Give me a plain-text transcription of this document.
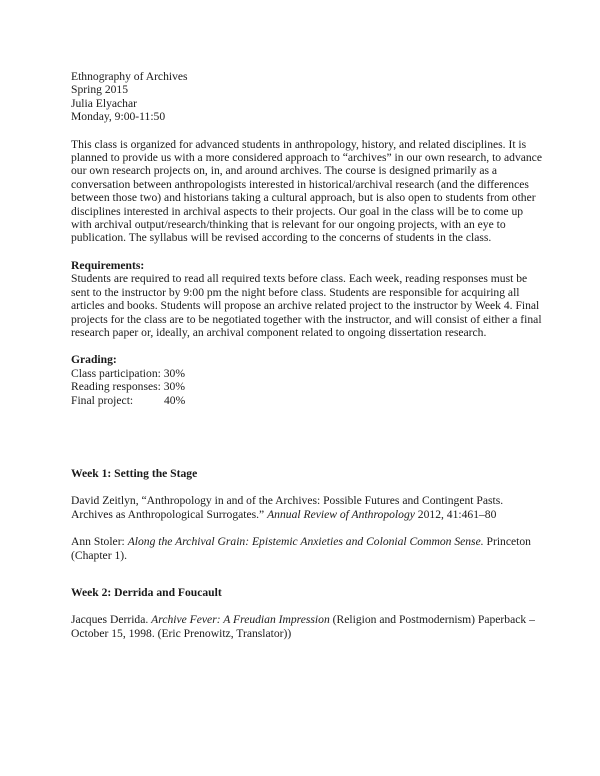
Ethnography of Archives
Spring 2015
Julia Elyachar
Monday, 9:00-11:50
This class is organized for advanced students in anthropology, history, and related disciplines. It is planned to provide us with a more considered approach to “archives” in our own research, to advance our own research projects on, in, and around archives. The course is designed primarily as a conversation between anthropologists interested in historical/archival research (and the differences between those two) and historians taking a cultural approach, but is also open to students from other disciplines interested in archival aspects to their projects. Our goal in the class will be to come up with archival output/research/thinking that is relevant for our ongoing projects, with an eye to publication. The syllabus will be revised according to the concerns of students in the class.
Requirements:
Students are required to read all required texts before class. Each week, reading responses must be sent to the instructor by 9:00 pm the night before class. Students are responsible for acquiring all articles and books. Students will propose an archive related project to the instructor by Week 4. Final projects for the class are to be negotiated together with the instructor, and will consist of either a final research paper or, ideally, an archival component related to ongoing dissertation research.
Grading:
Class participation:
30%
Reading responses:
30%
Final project:	40%
Week 1: Setting the Stage
David Zeitlyn, “Anthropology in and of the Archives: Possible Futures and Contingent Pasts. Archives as Anthropological Surrogates.” Annual Review of Anthropology 2012, 41:461–80
Ann Stoler: Along the Archival Grain: Epistemic Anxieties and Colonial Common Sense. Princeton (Chapter 1).
Week 2: Derrida and Foucault
Jacques Derrida. Archive Fever: A Freudian Impression (Religion and Postmodernism) Paperback – October 15, 1998. (Eric Prenowitz, Translator))
